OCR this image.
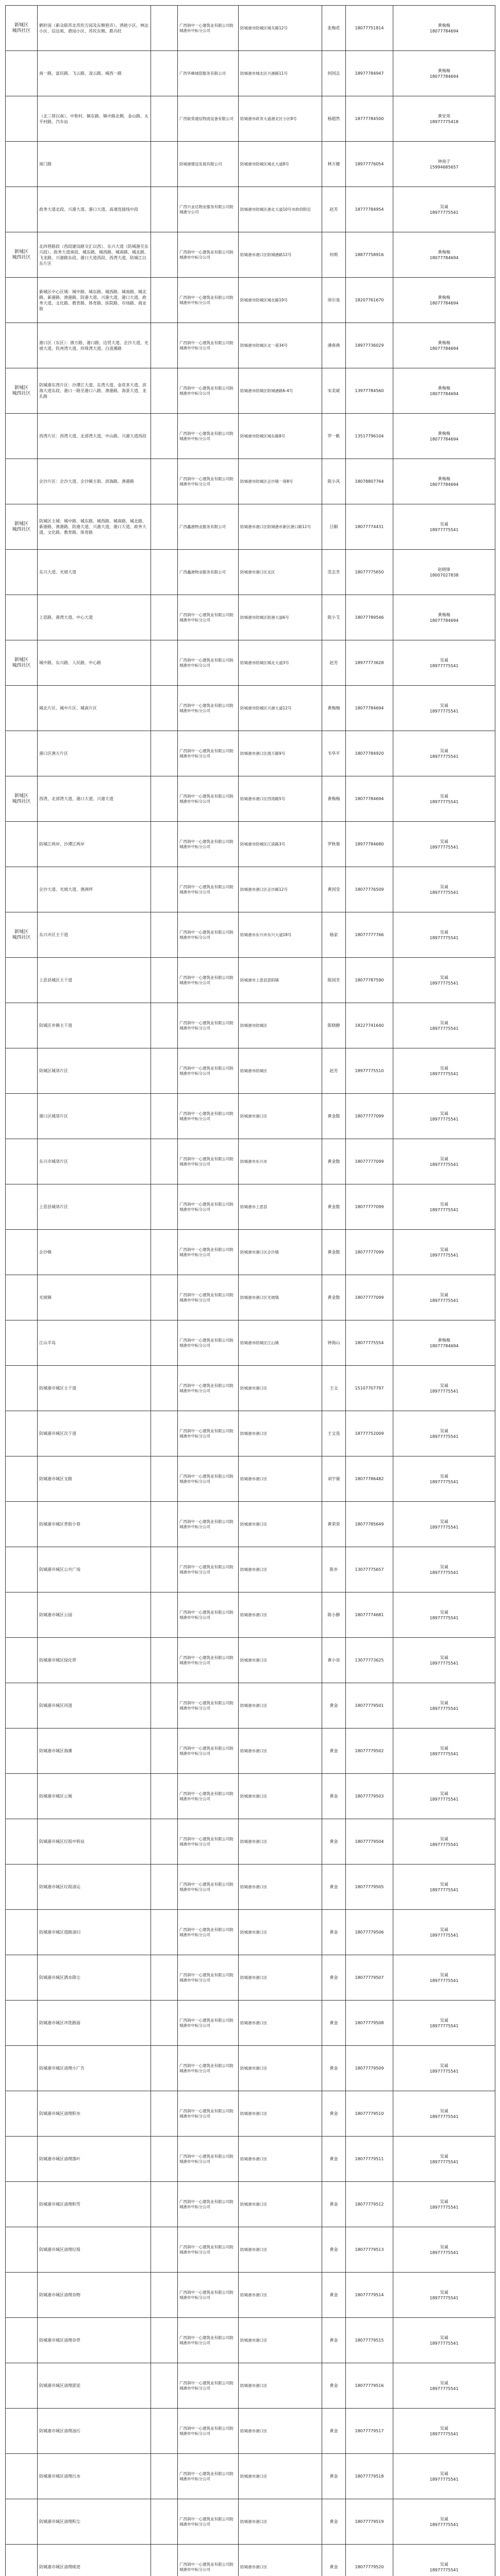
新城区
城西社区	鹤轩园（新众联苏北苏坎方园及东侧巷弄）、鸿艳小区、林达小区、信达苑、碧园小区、苏坎东侧、都兵旺		广西润中一心建筑业有限公司防城港市中标分公司	防城港市防城区城关路12号	张梅花	18077751814	黄梅梅
18077784694
	南一路、富民路、飞云路、凌云路、城西一路		广西华峰城管服务有限公司	防城港市城北区兴港路11号	何国志	18977784947	黄梅梅
18077784694
	（北三巷以南）、中和村、镇东路、镇中路北侧、金山路、太平村路、汽车站		广西航荣通信物流设备有限公司	防城港市政务大道港北区小区8号	杨超然	18777784500	黄安邦
18977775418
	南门路		防城港建设发展有限公司	防城港市防城区城北大道8号	林万健	18977776054	钟南子
15994685657
	政务大道北段、兴港大道、港口大道、高速连接线中段		广西兴业达物业服务有限公司防城港分公司	防城港市防城区港北大道10号市政府附近	赵芳	18777784954	吴诚
18977775541
新城区
城西社区	北四巷路段（西段建设路交汇以西）、东兴大道（防城港至东兴段）、政务大道南段、城东路、城西路、城南路、城北路、飞龙路、兴港路东段、港口大道西段、西湾大道、防城江以东片区		广西润中一心建筑业有限公司防城港市中标分公司	防城港市港口区防城港路12号	何莉	18877758916	黄梅梅
18077784694
	新城区中心区域：城中路、城东路、城西路、城南路、城北路、新港路、渔港路、防港大道、兴港大道、港口大道、政务大道、文化路、教育路、体育路、医院路、市场路、商业街		广西润中一心建筑业有限公司防城港市中标分公司	防城港市防城区城北路19号	周尔泉	18207761670	黄梅梅
18077784694
	港口区（东区）：渔万路、港口路、边贸大道、企沙大道、光坡大道、钦州湾大道、珍珠湾大道、白浪滩路		广西润中一心建筑业有限公司防城港市中标分公司	防城港市防城区北一巷34号	潘春燕	18977736029	黄梅梅
18077784694
新城区
城西社区	防城港东湾片区：沙潭江大道、东湾大道、金花茶大道、滨海大道东段、港口一路至港口八路、渔港路、海景大道、龙孔路		广西润中一心建筑业有限公司防城港市中标分公司	防城港市防城区防城港路6-4号	宋美斌	13977784560	黄梅梅
18077784694
	西湾片区：西湾大道、北部湾大道、中山路、兴港大道西段		广西润中一心建筑业有限公司防城港市中标分公司	防城港市防城区城东路8号	罗一帆	13517796104	黄梅梅
18077784694
	企沙片区：企沙大道、企沙镇主街、滨海路、渔港路		广西润中一心建筑业有限公司防城港市中标分公司	防城港市防城区企沙镇一巷8号	陈小风	18078807764	黄梅梅
18077784694
新城区
城西社区	防城区主城：城中路、城东路、城西路、城南路、城北路、新港路、渔港路、防港大道、兴港大道、港口大道、政务大道、文化路、教育路、体育路		广西鑫港物业服务有限公司	防城港市港口区防城港市新区港口路12号	吕顺	18077774431	吴诚
18977775541
	东兴大道、光坡大道		广西鑫港物业服务有限公司	防城港市港口区北区	范志芳	18077775650	赵晓锋
18007027838
	上思路、港湾大道、中心大道		广西润中一心建筑业有限公司防城港市中标分公司	防城港市防城区防港大道6号	陈小艾	18077789546	黄梅梅
18077784694
新城区
城西社区	城中路、东兴路、人民路、中心路		广西润中一心建筑业有限公司防城港市中标分公司	防城港市防城区城北大道3号	赵芳	18977773628	吴诚
18977775541
	城北片区、城中片区、城南片区		广西润中一心建筑业有限公司防城港市中标分公司	防城港市防城区兴港大道12号	黄梅梅	18077784694	吴诚
18977775541
	港口区渔万片区		广西润中一心建筑业有限公司防城港市中标分公司	防城港市港口区渔万路9号	韦华平	18077784920	吴诚
18977775541
新城区
城西社区	西湾、北部湾大道、港口大道、兴港大道		广西润中一心建筑业有限公司防城港市中标分公司	防城港市港口区西湾路5号	黄梅梅	18077784694	吴诚
18977775541
	防城江两岸、沙潭江两岸		广西润中一心建筑业有限公司防城港市中标分公司	防城港市防城区江滨路3号	罗秋菊	18977784680	吴诚
18977775541
	企沙大道、光坡大道、渔洲坪		广西润中一心建筑业有限公司防城港市中标分公司	防城港市港口区企沙路12号	黄国莹	18077776509	吴诚
18977775541
新城区
城西社区	东兴市区主干道		广西润中一心建筑业有限公司防城港市中标分公司	防城港市东兴市东兴大道18号	杨家	18077777766	吴诚
18977775541
	上思县城区主干道		广西润中一心建筑业有限公司防城港市中标分公司	防城港市上思县思阳镇	陈国芳	18077787590	吴诚
18977775541
	防城区乡镇主干道		广西润中一心建筑业有限公司防城港市中标分公司	防城港市防城区	陈晓静	18227741640	吴诚
18977775541
	防城区城郊片区		广西润中一心建筑业有限公司防城港市中标分公司	防城港市防城区	赵芳	18977775510	吴诚
18977775541
	港口区城郊片区		广西润中一心建筑业有限公司防城港市中标分公司	防城港市港口区	黄金数	18077777099	吴诚
18977775541
	东兴市城郊片区		广西润中一心建筑业有限公司防城港市中标分公司	防城港市东兴市	黄金数	18077777099	吴诚
18977775541
	上思县城郊片区		广西润中一心建筑业有限公司防城港市中标分公司	防城港市上思县	黄金数	18077777099	吴诚
18977775541
	企沙镇		广西润中一心建筑业有限公司防城港市中标分公司	防城港市港口区企沙镇	黄金数	18077777099	吴诚
18977775541
	光坡镇		广西润中一心建筑业有限公司防城港市中标分公司	防城港市港口区光坡镇	黄金数	18077777099	吴诚
18977775541
	江山半岛		广西润中一心建筑业有限公司防城港市中标分公司	防城港市防城区江山镇	钟海山	18077775554	黄梅梅
18077784694
	防城港市城区主干道		广西润中一心建筑业有限公司防城港市中标分公司	防城港市港口区	王文	15107707797	吴诚
18977775541
	防城港市城区次干道		广西润中一心建筑业有限公司防城港市中标分公司	防城港市港口区	王文选	18777752009	吴诚
18977775541
	防城港市城区支路		广西润中一心建筑业有限公司防城港市中标分公司	防城港市港口区	刘宇骑	18077786482	吴诚
18977775541
	防城港市城区背街小巷		广西润中一心建筑业有限公司防城港市中标分公司	防城港市港口区	黄荣荣	18077785649	吴诚
18977775541
	防城港市城区公共广场		广西润中一心建筑业有限公司防城港市中标分公司	防城港市港口区	陈乡	13077775657	吴诚
18977775541
	防城港市城区公园		广西润中一心建筑业有限公司防城港市中标分公司	防城港市港口区	陈小静	18077774681	吴诚
18977775541
	防城港市城区绿化带		广西润中一心建筑业有限公司防城港市中标分公司	防城港市港口区	黄小容	13077773625	吴诚
18977775541
	防城港市城区河道		广西润中一心建筑业有限公司防城港市中标分公司	防城港市港口区	黄金	18077779501	吴诚
18977775541
	防城港市城区海滩		广西润中一心建筑业有限公司防城港市中标分公司	防城港市港口区	黄金	18077779502	吴诚
18977775541
	防城港市城区公厕		广西润中一心建筑业有限公司防城港市中标分公司	防城港市港口区	黄金	18077779503	吴诚
18977775541
	防城港市城区垃圾中转站		广西润中一心建筑业有限公司防城港市中标分公司	防城港市港口区	黄金	18077779504	吴诚
18977775541
	防城港市城区垃圾清运		广西润中一心建筑业有限公司防城港市中标分公司	防城港市港口区	黄金	18077779505	吴诚
18977775541
	防城港市城区道路清扫		广西润中一心建筑业有限公司防城港市中标分公司	防城港市港口区	黄金	18077779506	吴诚
18977775541
	防城港市城区洒水降尘		广西润中一心建筑业有限公司防城港市中标分公司	防城港市港口区	黄金	18077779507	吴诚
18977775541
	防城港市城区冲洗路面		广西润中一心建筑业有限公司防城港市中标分公司	防城港市港口区	黄金	18077779508	吴诚
18977775541
	防城港市城区清理小广告		广西润中一心建筑业有限公司防城港市中标分公司	防城港市港口区	黄金	18077779509	吴诚
18977775541
	防城港市城区清理积水		广西润中一心建筑业有限公司防城港市中标分公司	防城港市港口区	黄金	18077779510	吴诚
18977775541
	防城港市城区清理落叶		广西润中一心建筑业有限公司防城港市中标分公司	防城港市港口区	黄金	18077779511	吴诚
18977775541
	防城港市城区清理积雪		广西润中一心建筑业有限公司防城港市中标分公司	防城港市港口区	黄金	18077779512	吴诚
18977775541
	防城港市城区清理垃圾		广西润中一心建筑业有限公司防城港市中标分公司	防城港市港口区	黄金	18077779513	吴诚
18977775541
	防城港市城区清理杂物		广西润中一心建筑业有限公司防城港市中标分公司	防城港市港口区	黄金	18077779514	吴诚
18977775541
	防城港市城区清理杂草		广西润中一心建筑业有限公司防城港市中标分公司	防城港市港口区	黄金	18077779515	吴诚
18977775541
	防城港市城区清理淤泥		广西润中一心建筑业有限公司防城港市中标分公司	防城港市港口区	黄金	18077779516	吴诚
18977775541
	防城港市城区清理油污		广西润中一心建筑业有限公司防城港市中标分公司	防城港市港口区	黄金	18077779517	吴诚
18977775541
	防城港市城区清理污水		广西润中一心建筑业有限公司防城港市中标分公司	防城港市港口区	黄金	18077779518	吴诚
18977775541
	防城港市城区清理积尘		广西润中一心建筑业有限公司防城港市中标分公司	防城港市港口区	黄金	18077779519	吴诚
18977775541
	防城港市城区清理痰迹		广西润中一心建筑业有限公司防城港市中标分公司	防城港市港口区	黄金	18077779520	吴诚
18977775541
